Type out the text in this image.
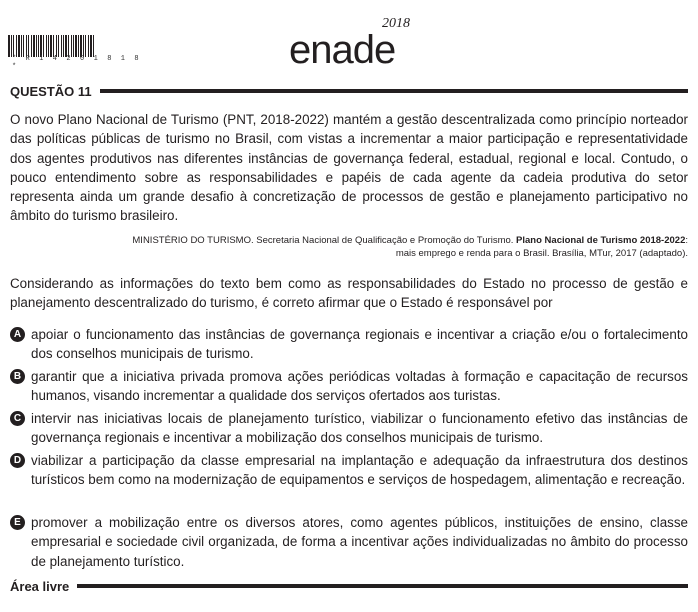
* R 1 4 2 0 1 8 1 8 *	enade
2018
QUESTÃO 11
O novo Plano Nacional de Turismo (PNT, 2018-2022) mantém a gestão descentralizada como princípio norteador das políticas públicas de turismo no Brasil, com vistas a incrementar a maior participação e representatividade dos agentes produtivos nas diferentes instâncias de governança federal, estadual, regional e local. Contudo, o pouco entendimento sobre as responsabilidades e papéis de cada agente da cadeia produtiva do setor representa ainda um grande desafio à concretização de processos de gestão e planejamento participativo no âmbito do turismo brasileiro.
MINISTÉRIO DO TURISMO. Secretaria Nacional de Qualificação e Promoção do Turismo. Plano Nacional de Turismo 2018-2022:
mais emprego e renda para o Brasil. Brasília, MTur, 2017 (adaptado).
Considerando as informações do texto bem como as responsabilidades do Estado no processo de gestão e planejamento descentralizado do turismo, é correto afirmar que o Estado é responsável por
A apoiar o funcionamento das instâncias de governança regionais e incentivar a criação e/ou o fortalecimento dos conselhos municipais de turismo.
B garantir que a iniciativa privada promova ações periódicas voltadas à formação e capacitação de recursos humanos, visando incrementar a qualidade dos serviços ofertados aos turistas.
C intervir nas iniciativas locais de planejamento turístico, viabilizar o funcionamento efetivo das instâncias de governança regionais e incentivar a mobilização dos conselhos municipais de turismo.
D viabilizar a participação da classe empresarial na implantação e adequação da infraestrutura dos destinos turísticos bem como na modernização de equipamentos e serviços de hospedagem, alimentação e recreação.
E promover a mobilização entre os diversos atores, como agentes públicos, instituições de ensino, classe empresarial e sociedade civil organizada, de forma a incentivar ações individualizadas no âmbito do processo de planejamento turístico.
Área livre
